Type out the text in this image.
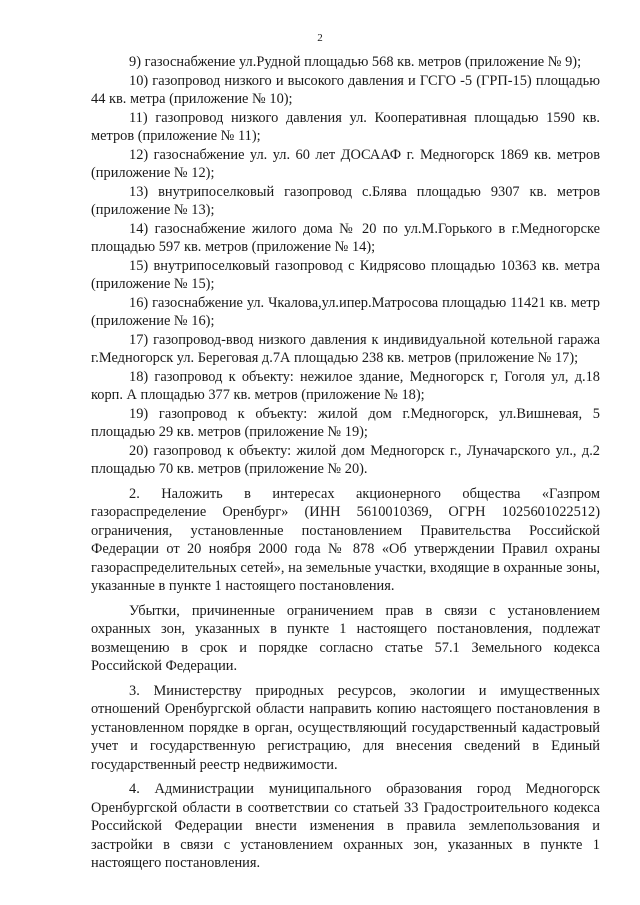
2

9) газоснабжение ул.Рудной площадью 568 кв. метров (приложение № 9);

10) газопровод низкого и высокого давления и ГСГО -5 (ГРП-15) площадью 44 кв. метра (приложение № 10);

11) газопровод низкого давления ул. Кооперативная площадью 1590 кв. метров (приложение № 11);

12) газоснабжение ул. ул. 60 лет ДОСААФ г. Медногорск 1869 кв. метров (приложение № 12);

13) внутрипоселковый газопровод с.Блява площадью 9307 кв. метров (приложение № 13);

14) газоснабжение жилого дома № 20 по ул.М.Горького в г.Медногорске площадью 597 кв. метров (приложение № 14);

15) внутрипоселковый газопровод с Кидрясово площадью 10363 кв. метра (приложение № 15);

16) газоснабжение ул. Чкалова,ул.ипер.Матросова площадью 11421 кв. метр (приложение № 16);

17) газопровод-ввод низкого давления к индивидуальной котельной гаража г.Медногорск ул. Береговая д.7А площадью 238 кв. метров (приложение № 17);

18) газопровод к объекту: нежилое здание, Медногорск г, Гоголя ул, д.18 корп. А площадью 377 кв. метров (приложение № 18);

19) газопровод к объекту: жилой дом г.Медногорск, ул.Вишневая, 5 площадью 29 кв. метров (приложение № 19);

20) газопровод к объекту: жилой дом Медногорск г., Луначарского ул., д.2 площадью 70 кв. метров (приложение № 20).

2. Наложить в интересах акционерного общества «Газпром газораспределение Оренбург» (ИНН 5610010369, ОГРН 1025601022512) ограничения, установленные постановлением Правительства Российской Федерации от 20 ноября 2000 года № 878 «Об утверждении Правил охраны газораспределительных сетей», на земельные участки, входящие в охранные зоны, указанные в пункте 1 настоящего постановления.

Убытки, причиненные ограничением прав в связи с установлением охранных зон, указанных в пункте 1 настоящего постановления, подлежат возмещению в срок и порядке согласно статье 57.1 Земельного кодекса Российской Федерации.

3. Министерству природных ресурсов, экологии и имущественных отношений Оренбургской области направить копию настоящего постановления в установленном порядке в орган, осуществляющий государственный кадастровый учет и государственную регистрацию, для внесения сведений в Единый государственный реестр недвижимости.

4. Администрации муниципального образования город Медногорск Оренбургской области в соответствии со статьей 33 Градостроительного кодекса Российской Федерации внести изменения в правила землепользования и застройки в связи с установлением охранных зон, указанных в пункте 1 настоящего постановления.
